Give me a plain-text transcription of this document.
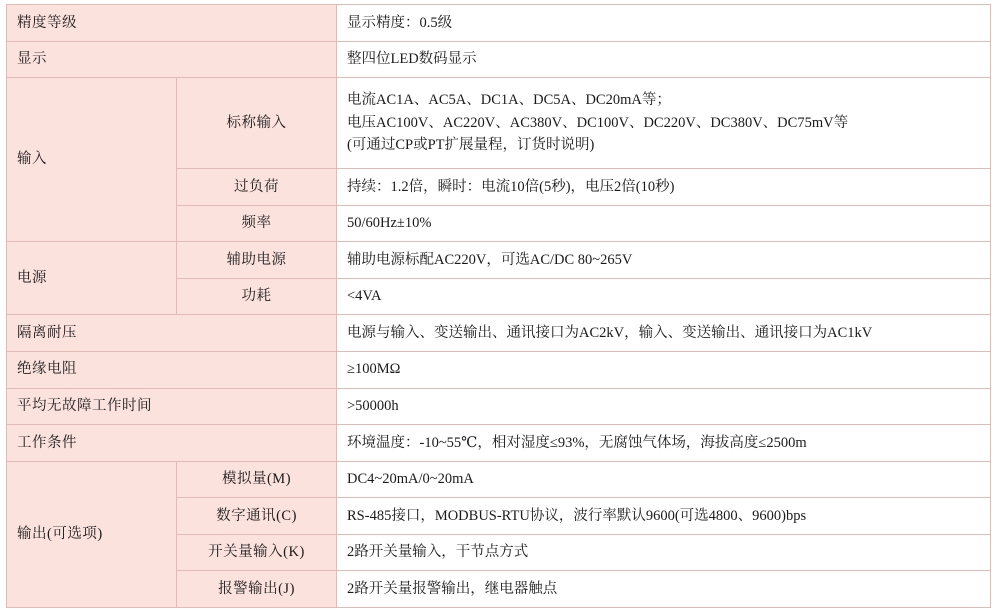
精度等级		显示精度：0.5级

显示		整四位LED数码显示

输入	标称输入	电流AC1A、AC5A、DC1A、DC5A、DC20mA等；
电压AC100V、AC220V、AC380V、DC100V、DC220V、DC380V、DC75mV等
(可通过CP或PT扩展量程，订货时说明)

	过负荷	持续：1.2倍，瞬时：电流10倍(5秒)，电压2倍(10秒)

	频率	50/60Hz±10%

电源	辅助电源	辅助电源标配AC220V，可选AC/DC 80~265V

	功耗	<4VA

隔离耐压		电源与输入、变送输出、通讯接口为AC2kV，输入、变送输出、通讯接口为AC1kV

绝缘电阻		≥100MΩ

平均无故障工作时间		>50000h

工作条件		环境温度：-10~55℃，相对湿度≤93%，无腐蚀气体场，海拔高度≤2500m

输出(可选项)	模拟量(M)	DC4~20mA/0~20mA

	数字通讯(C)	RS-485接口，MODBUS-RTU协议，波行率默认9600(可选4800、9600)bps

	开关量输入(K)	2路开关量输入，干节点方式

	报警输出(J)	2路开关量报警输出，继电器触点
